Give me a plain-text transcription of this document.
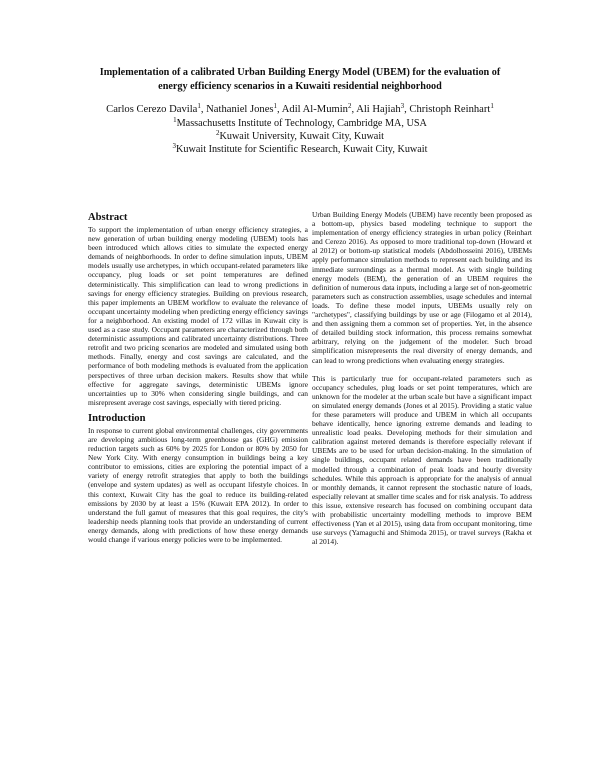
Implementation of a calibrated Urban Building Energy Model (UBEM) for the evaluation of
energy efficiency scenarios in a Kuwaiti residential neighborhood
Carlos Cerezo Davila$^1$, Nathaniel Jones$^1$, Adil Al-Mumin$^2$, Ali Hajiah$^3$, Christoph Reinhart$^1$
$^1$Massachusetts Institute of Technology, Cambridge MA, USA
$^2$Kuwait University, Kuwait City, Kuwait
$^3$Kuwait Institute for Scientific Research, Kuwait City, Kuwait
Abstract

To support the implementation of urban energy efficiency strategies, a new generation of urban building energy modeling (UBEM) tools has been introduced which allows cities to simulate the expected energy demands of neighborhoods. In order to define simulation inputs, UBEM models usually use archetypes, in which occupant-related parameters like occupancy, plug loads or set point temperatures are defined deterministically. This simplification can lead to wrong predictions in savings for energy efficiency strategies. Building on previous research, this paper implements an UBEM workflow to evaluate the relevance of occupant uncertainty modeling when predicting energy efficiency savings for a neighborhood. An existing model of 172 villas in Kuwait city is used as a case study. Occupant parameters are characterized through both deterministic assumptions and calibrated uncertainty distributions. Three retrofit and two pricing scenarios are modeled and simulated using both methods. Finally, energy and cost savings are calculated, and the performance of both modeling methods is evaluated from the application perspectives of three urban decision makers. Results show that while effective for aggregate savings, deterministic UBEMs ignore uncertainties up to 30% when considering single buildings, and can misrepresent average cost savings, especially with tiered pricing.

Introduction

In response to current global environmental challenges, city governments are developing ambitious long-term greenhouse gas (GHG) emission reduction targets such as 60% by 2025 for London or 80% by 2050 for New York City. With energy consumption in buildings being a key contributor to emissions, cities are exploring the potential impact of a variety of energy retrofit strategies that apply to both the buildings (envelope and system updates) as well as occupant lifestyle choices. In this context, Kuwait City has the goal to reduce its building-related emissions by 2030 by at least a 15% (Kuwait EPA 2012). In order to understand the full gamut of measures that this goal requires, the city's leadership needs planning tools that provide an understanding of current energy demands, along with predictions of how these energy demands would change if various energy policies were to be implemented.

Urban Building Energy Models (UBEM) have recently been proposed as a bottom-up, physics based modeling technique to support the implementation of energy efficiency strategies in urban policy (Reinhart and Cerezo 2016). As opposed to more traditional top-down (Howard et al 2012) or bottom-up statistical models (Abdolhosseini 2016), UBEMs apply performance simulation methods to represent each building and its immediate surroundings as a thermal model. As with single building energy models (BEM), the generation of an UBEM requires the definition of numerous data inputs, including a large set of non-geometric parameters such as construction assemblies, usage schedules and internal loads. To define these model inputs, UBEMs usually rely on "archetypes", classifying buildings by use or age (Filogamo et al 2014), and then assigning them a common set of properties. Yet, in the absence of detailed building stock information, this process remains somewhat arbitrary, relying on the judgement of the modeler. Such broad simplification misrepresents the real diversity of energy demands, and can lead to wrong predictions when evaluating energy strategies.

This is particularly true for occupant-related parameters such as occupancy schedules, plug loads or set point temperatures, which are unknown for the modeler at the urban scale but have a significant impact on simulated energy demands (Jones et al 2015). Providing a static value for these parameters will produce and UBEM in which all occupants behave identically, hence ignoring extreme demands and leading to unrealistic load peaks. Developing methods for their simulation and calibration against metered demands is therefore especially relevant if UBEMs are to be used for urban decision-making. In the simulation of single buildings, occupant related demands have been traditionally modelled through a combination of peak loads and hourly diversity schedules. While this approach is appropriate for the analysis of annual or monthly demands, it cannot represent the stochastic nature of loads, especially relevant at smaller time scales and for risk analysis. To address this issue, extensive research has focused on combining occupant data with probabilistic uncertainty modelling methods to improve BEM effectiveness (Yan et al 2015), using data from occupant monitoring, time use surveys (Yamaguchi and Shimoda 2015), or travel surveys (Rakha et al 2014).
